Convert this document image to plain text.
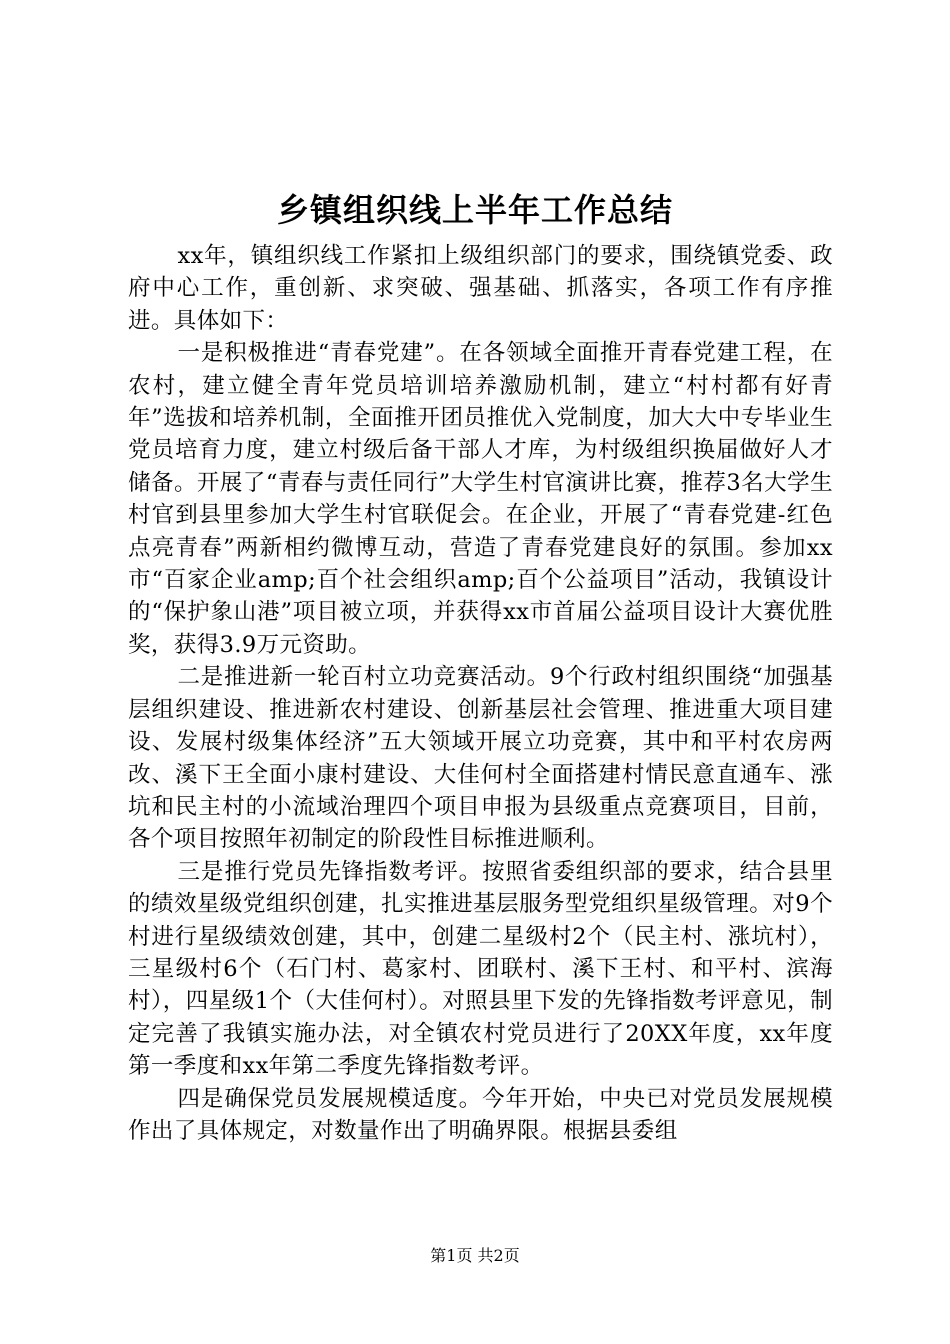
乡镇组织线上半年工作总结

xx年，镇组织线工作紧扣上级组织部门的要求，围绕镇党委、政府中心工作，重创新、求突破、强基础、抓落实，各项工作有序推进。具体如下：

一是积极推进“青春党建”。在各领域全面推开青春党建工程，在农村，建立健全青年党员培训培养激励机制，建立“村村都有好青年”选拔和培养机制，全面推开团员推优入党制度，加大大中专毕业生党员培育力度，建立村级后备干部人才库，为村级组织换届做好人才储备。开展了“青春与责任同行”大学生村官演讲比赛，推荐3名大学生村官到县里参加大学生村官联促会。在企业，开展了“青春党建-红色点亮青春”两新相约微博互动，营造了青春党建良好的氛围。参加xx市“百家企业amp;百个社会组织amp;百个公益项目”活动，我镇设计的“保护象山港”项目被立项，并获得xx市首届公益项目设计大赛优胜奖，获得3.9万元资助。

二是推进新一轮百村立功竞赛活动。9个行政村组织围绕“加强基层组织建设、推进新农村建设、创新基层社会管理、推进重大项目建设、发展村级集体经济”五大领域开展立功竞赛，其中和平村农房两改、溪下王全面小康村建设、大佳何村全面搭建村情民意直通车、涨坑和民主村的小流域治理四个项目申报为县级重点竞赛项目，目前，各个项目按照年初制定的阶段性目标推进顺利。

三是推行党员先锋指数考评。按照省委组织部的要求，结合县里的绩效星级党组织创建，扎实推进基层服务型党组织星级管理。对9个村进行星级绩效创建，其中，创建二星级村2个（民主村、涨坑村），三星级村6个（石门村、葛家村、团联村、溪下王村、和平村、滨海村），四星级1个（大佳何村）。对照县里下发的先锋指数考评意见，制定完善了我镇实施办法，对全镇农村党员进行了20XX年度，xx年度第一季度和xx年第二季度先锋指数考评。

四是确保党员发展规模适度。今年开始，中央已对党员发展规模作出了具体规定，对数量作出了明确界限。根据县委组

第1页 共2页
